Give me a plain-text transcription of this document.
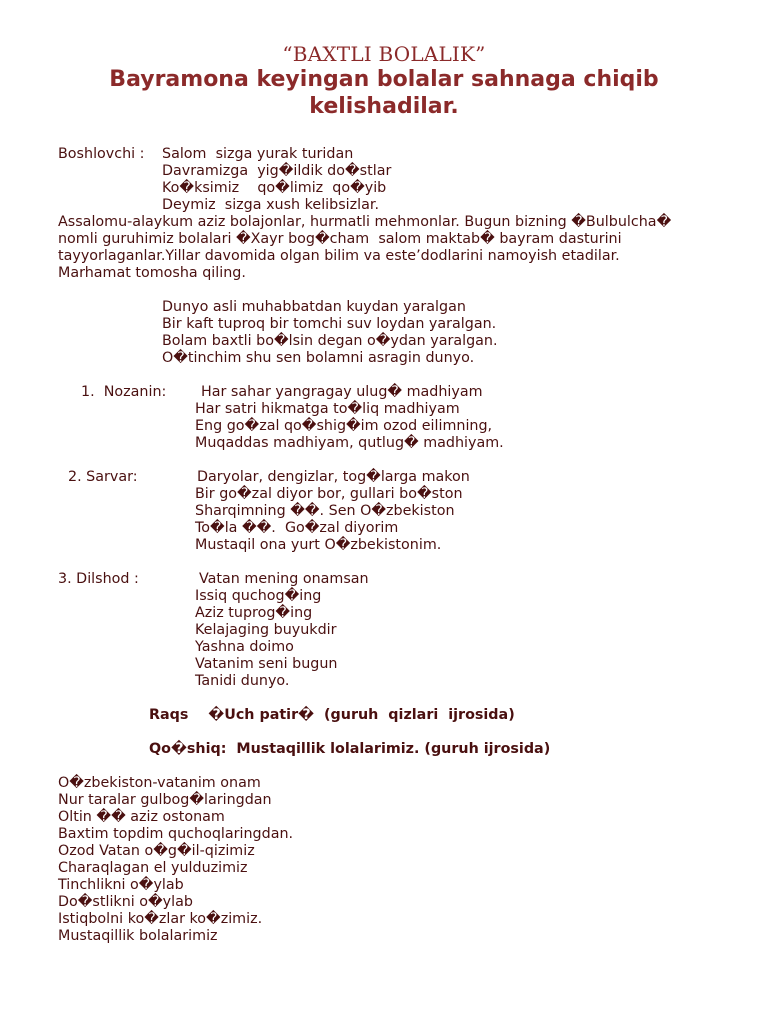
“BAXTLI BOLALIK”
Bayramona keyingan bolalar sahnaga chiqib kelishadilar.
Boshlovchi : Salom  sizga yurak turidan
Davramizga  yig�ildik do�stlar
Ko�ksimiz    qo�limiz  qo�yib
Deymiz  sizga xush kelibsizlar.
Assalomu-alaykum aziz bolajonlar, hurmatli mehmonlar. Bugun bizning �Bulbulcha�
nomli guruhimiz bolalari �Xayr bog�cham  salom maktab� bayram dasturini
tayyorlaganlar.Yillar davomida olgan bilim va este’dodlarini namoyish etadilar.
Marhamat tomosha qiling.
Dunyo asli muhabbatdan kuydan yaralgan
Bir kaft tuproq bir tomchi suv loydan yaralgan.
Bolam baxtli bo�lsin degan o�ydan yaralgan.
O�tinchim shu sen bolamni asragin dunyo.
1.  Nozanin: Har sahar yangragay ulug� madhiyam
Har satri hikmatga to�liq madhiyam
Eng go�zal qo�shig�im ozod eilimning,
Muqaddas madhiyam, qutlug� madhiyam.
2. Sarvar:	Daryolar, dengizlar, tog�larga makon
Bir go�zal diyor bor, gullari bo�ston
Sharqimning ��. Sen O�zbekiston
To�la ��.  Go�zal diyorim
Mustaqil ona yurt O�zbekistonim.
3. Dilshod :	Vatan mening onamsan
Issiq quchog�ing
Aziz tuprog�ing
Kelajaging buyukdir
Yashna doimo
Vatanim seni bugun
Tanidi dunyo.
Raqs    �Uch patir�  (guruh  qizlari  ijrosida)
Qo�shiq:  Mustaqillik lolalarimiz. (guruh ijrosida)
O�zbekiston-vatanim onam
Nur taralar gulbog�laringdan
Oltin �� aziz ostonam
Baxtim topdim quchoqlaringdan.
Ozod Vatan o�g�il-qizimiz
Charaqlagan el yulduzimiz
Tinchlikni o�ylab
Do�stlikni o�ylab
Istiqbolni ko�zlar ko�zimiz.
Mustaqillik bolalarimiz
